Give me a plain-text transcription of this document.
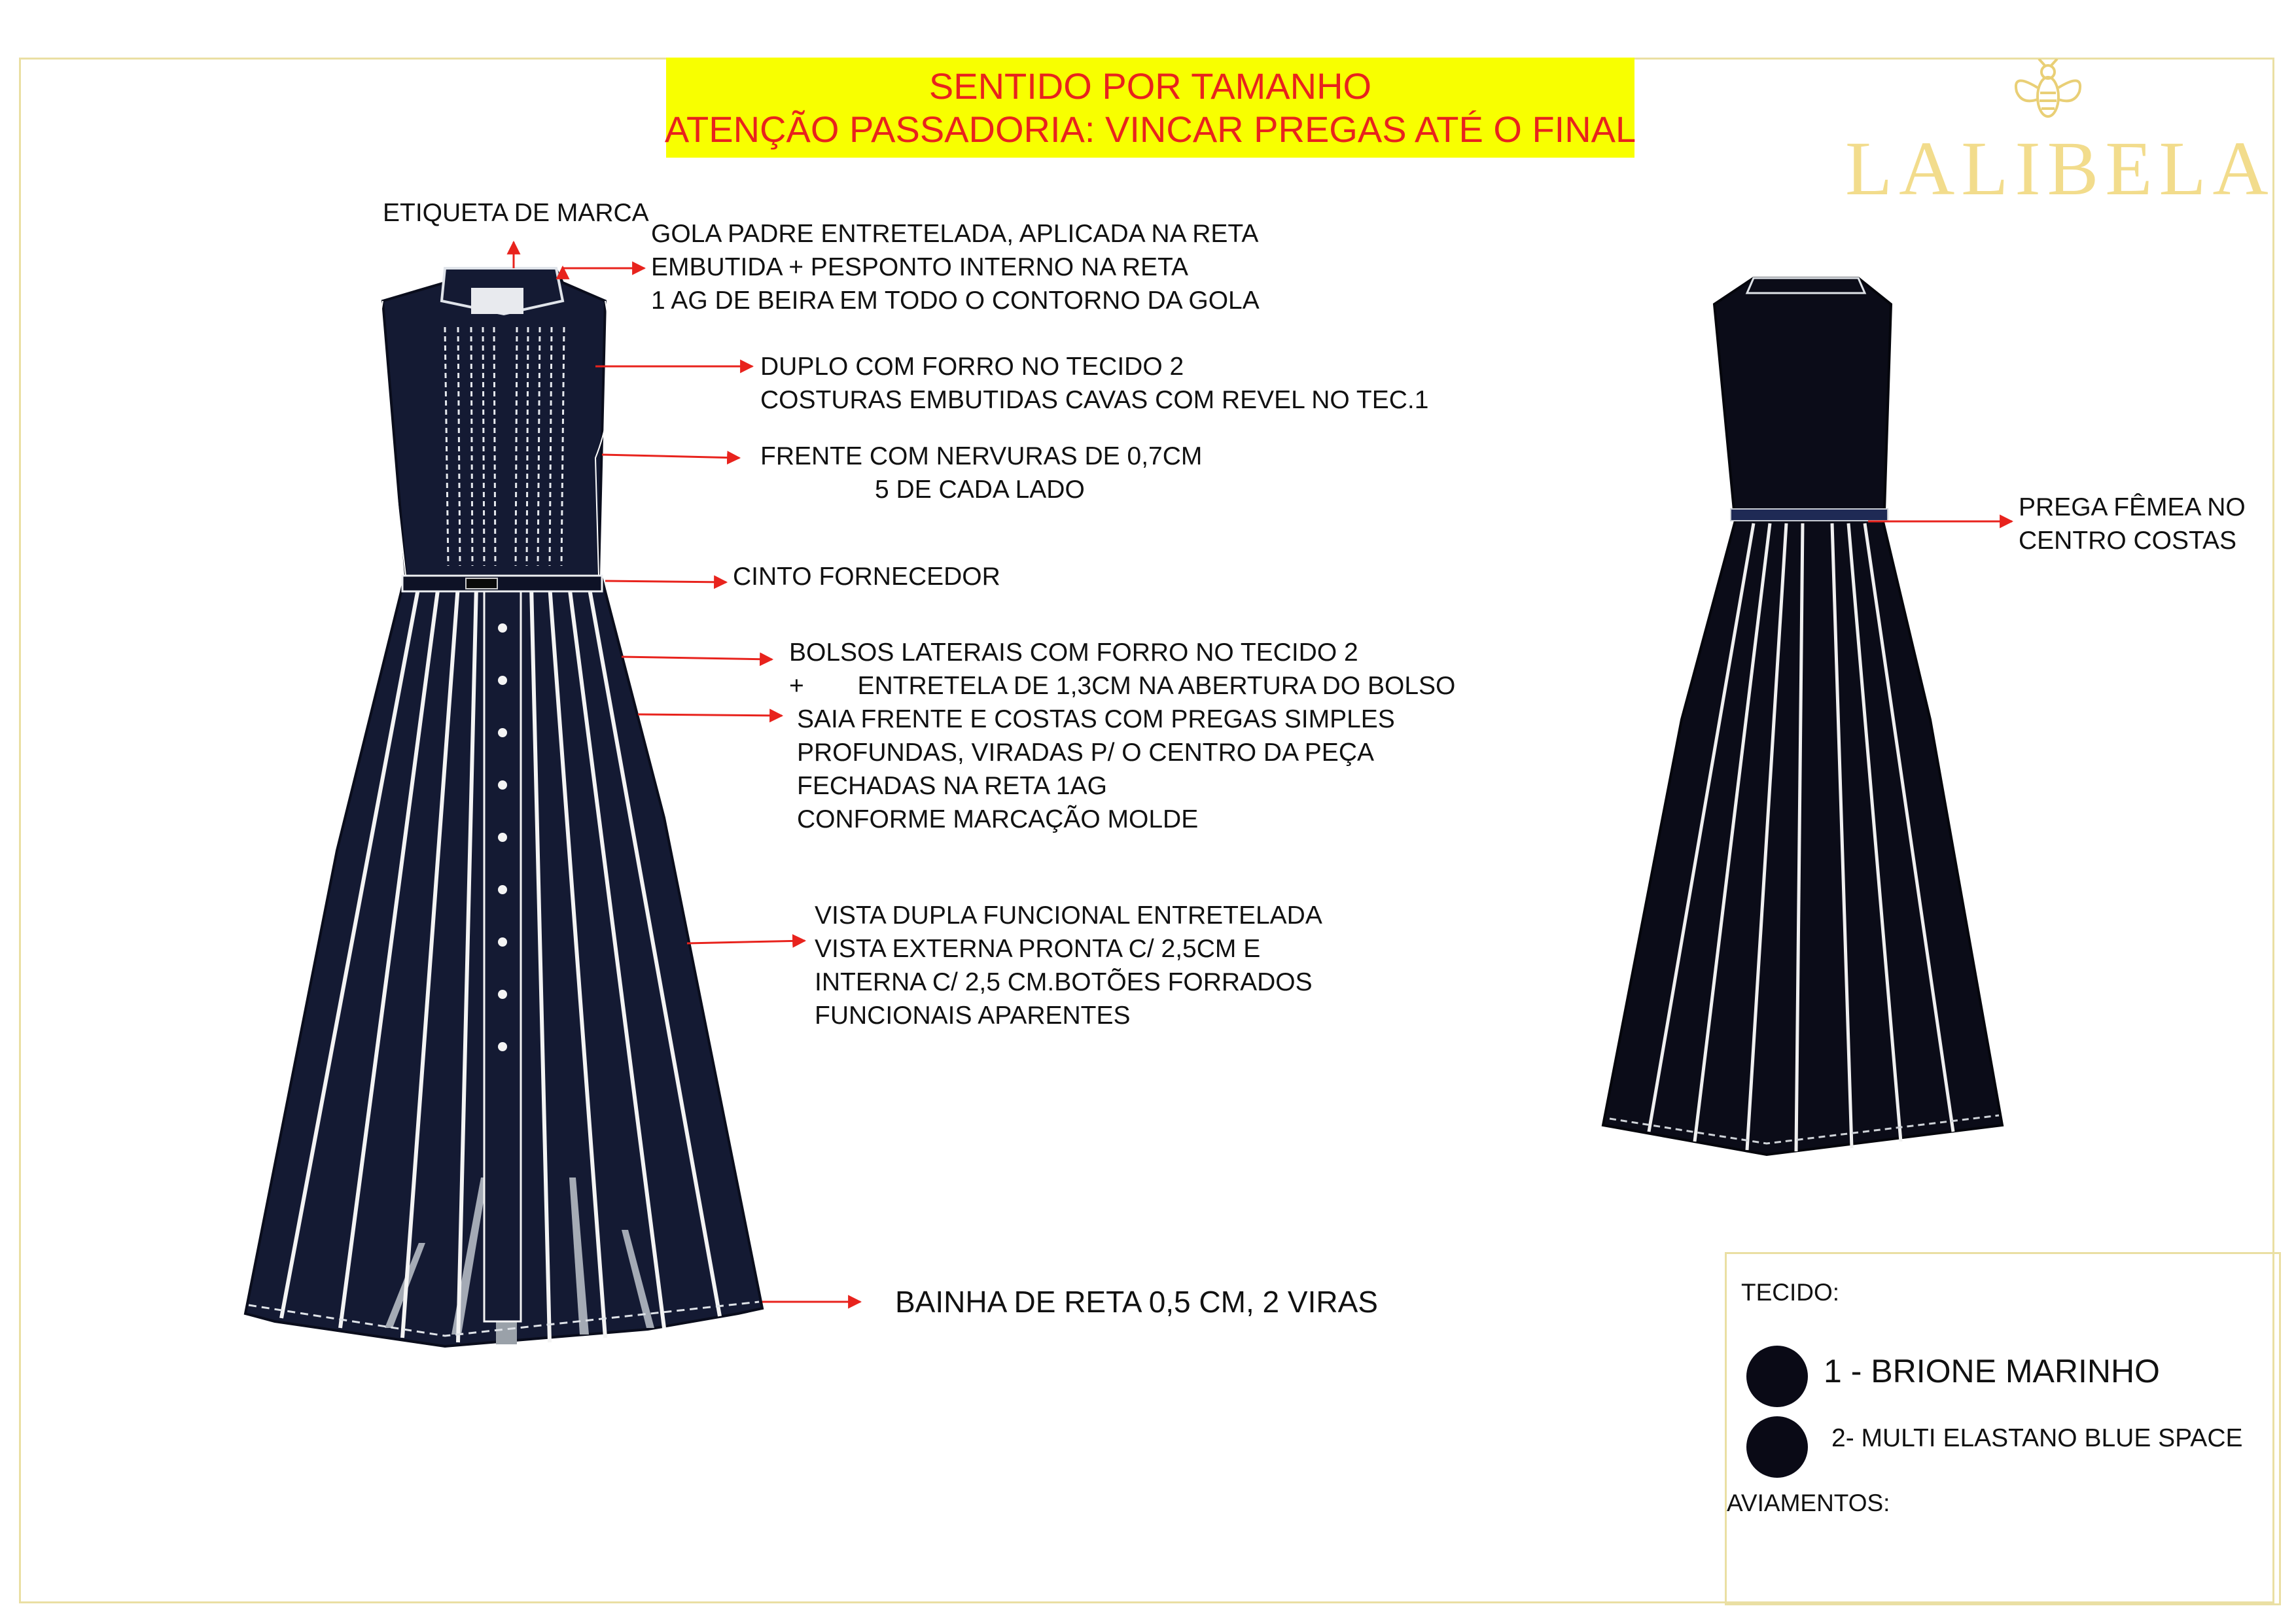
SENTIDO POR TAMANHO
ATENÇÃO PASSADORIA: VINCAR PREGAS ATÉ O FINAL	LALIBELA
ETIQUETA DE MARCA
GOLA PADRE ENTRETELADA, APLICADA NA RETA
EMBUTIDA + PESPONTO INTERNO NA RETA
1 AG DE BEIRA EM TODO O CONTORNO DA GOLA
DUPLO COM FORRO NO TECIDO 2
COSTURAS EMBUTIDAS CAVAS COM REVEL NO TEC.1
FRENTE COM NERVURAS DE 0,7CM
5 DE CADA LADO
CINTO FORNECEDOR
BOLSOS LATERAIS COM FORRO NO TECIDO 2
+ ENTRETELA DE 1,3CM NA ABERTURA DO BOLSO
SAIA FRENTE E COSTAS COM PREGAS SIMPLES
PROFUNDAS, VIRADAS P/ O CENTRO DA PEÇA
FECHADAS NA RETA 1AG
CONFORME MARCAÇÃO MOLDE
VISTA DUPLA FUNCIONAL ENTRETELADA
VISTA EXTERNA PRONTA C/ 2,5CM E
INTERNA C/ 2,5 CM.BOTÕES FORRADOS
FUNCIONAIS APARENTES
BAINHA DE RETA 0,5 CM, 2 VIRAS
PREGA FÊMEA NO
CENTRO COSTAS
TECIDO:
1 - BRIONE MARINHO
2- MULTI ELASTANO BLUE SPACE
AVIAMENTOS:
